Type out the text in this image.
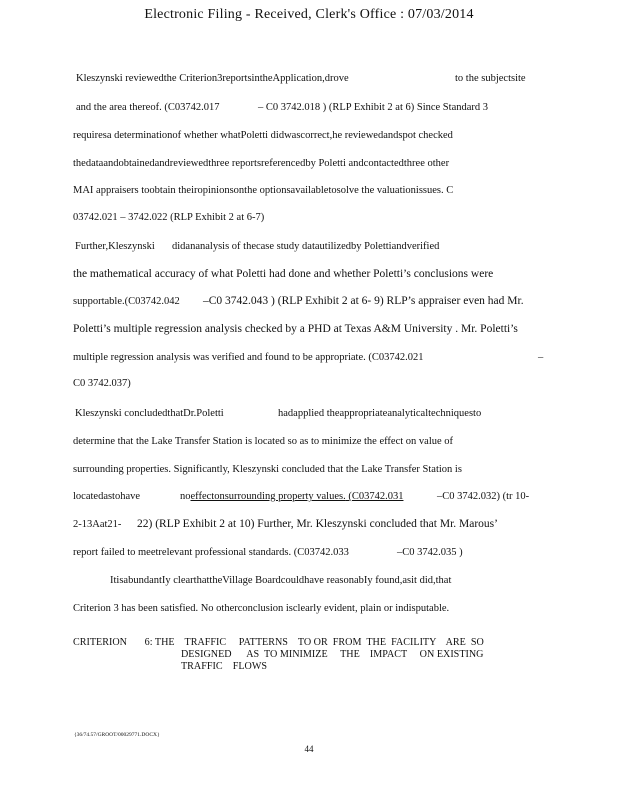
Electronic Filing - Received, Clerk's Office : 07/03/2014
Kleszynski reviewedthe Criterion3reportsintheApplication,drove	to the subjectsite
and the area thereof. (C03742.017	– C0 3742.018 ) (RLP Exhibit 2 at 6) Since Standard 3
requiresa determinationof whether whatPoletti didwascorrect,he reviewedandspot checked
thedataandobtainedandreviewedthree reportsreferencedby Poletti andcontactedthree other
MAI appraisers toobtain theiropinionsonthe optionsavailabletosolve the valuationissues. C
03742.021 – 3742.022 (RLP Exhibit 2 at 6-7)
Further,Kleszynski didananalysis of thecase study datautilizedby Polettiandverified
the mathematical accuracy of what Poletti had done and whether Poletti’s conclusions were
supportable.(C03742.042 –C0 3742.043 ) (RLP Exhibit 2 at 6- 9) RLP’s appraiser even had Mr.
Poletti’s multiple regression analysis checked by a PHD at Texas A&M University . Mr. Poletti’s
multiple regression analysis was verified and found to be appropriate. (C03742.021	–
C0 3742.037)
Kleszynski concludedthatDr.Poletti	hadapplied theappropriateanalyticaltechniquesto
determine that the Lake Transfer Station is located so as to minimize the effect on value of
surrounding properties. Significantly, Kleszynski concluded that the Lake Transfer Station is
locatedastohave	noeffectonsurrounding property values. (C03742.031	–C0 3742.032) (tr 10-
2-13Aat21- 22) (RLP Exhibit 2 at 10) Further, Mr. Kleszynski concluded that Mr. Marous’
report failed to meetrelevant professional standards. (C03742.033	–C0 3742.035 )
ItisabundantIy clearthattheVillage Boardcouldhave reasonabIy found,asit did,that
Criterion 3 has been satisfied. No otherconclusion isclearly evident, plain or indisputable.
CRITERION       6: THE    TRAFFIC     PATTERNS    TO OR  FROM  THE  FACILITY    ARE  SO
DESIGNED      AS  TO MINIMIZE     THE    IMPACT     ON EXISTING
TRAFFIC    FLOWS
{36/74.57/GROOT/00029771.DOCX}
44
